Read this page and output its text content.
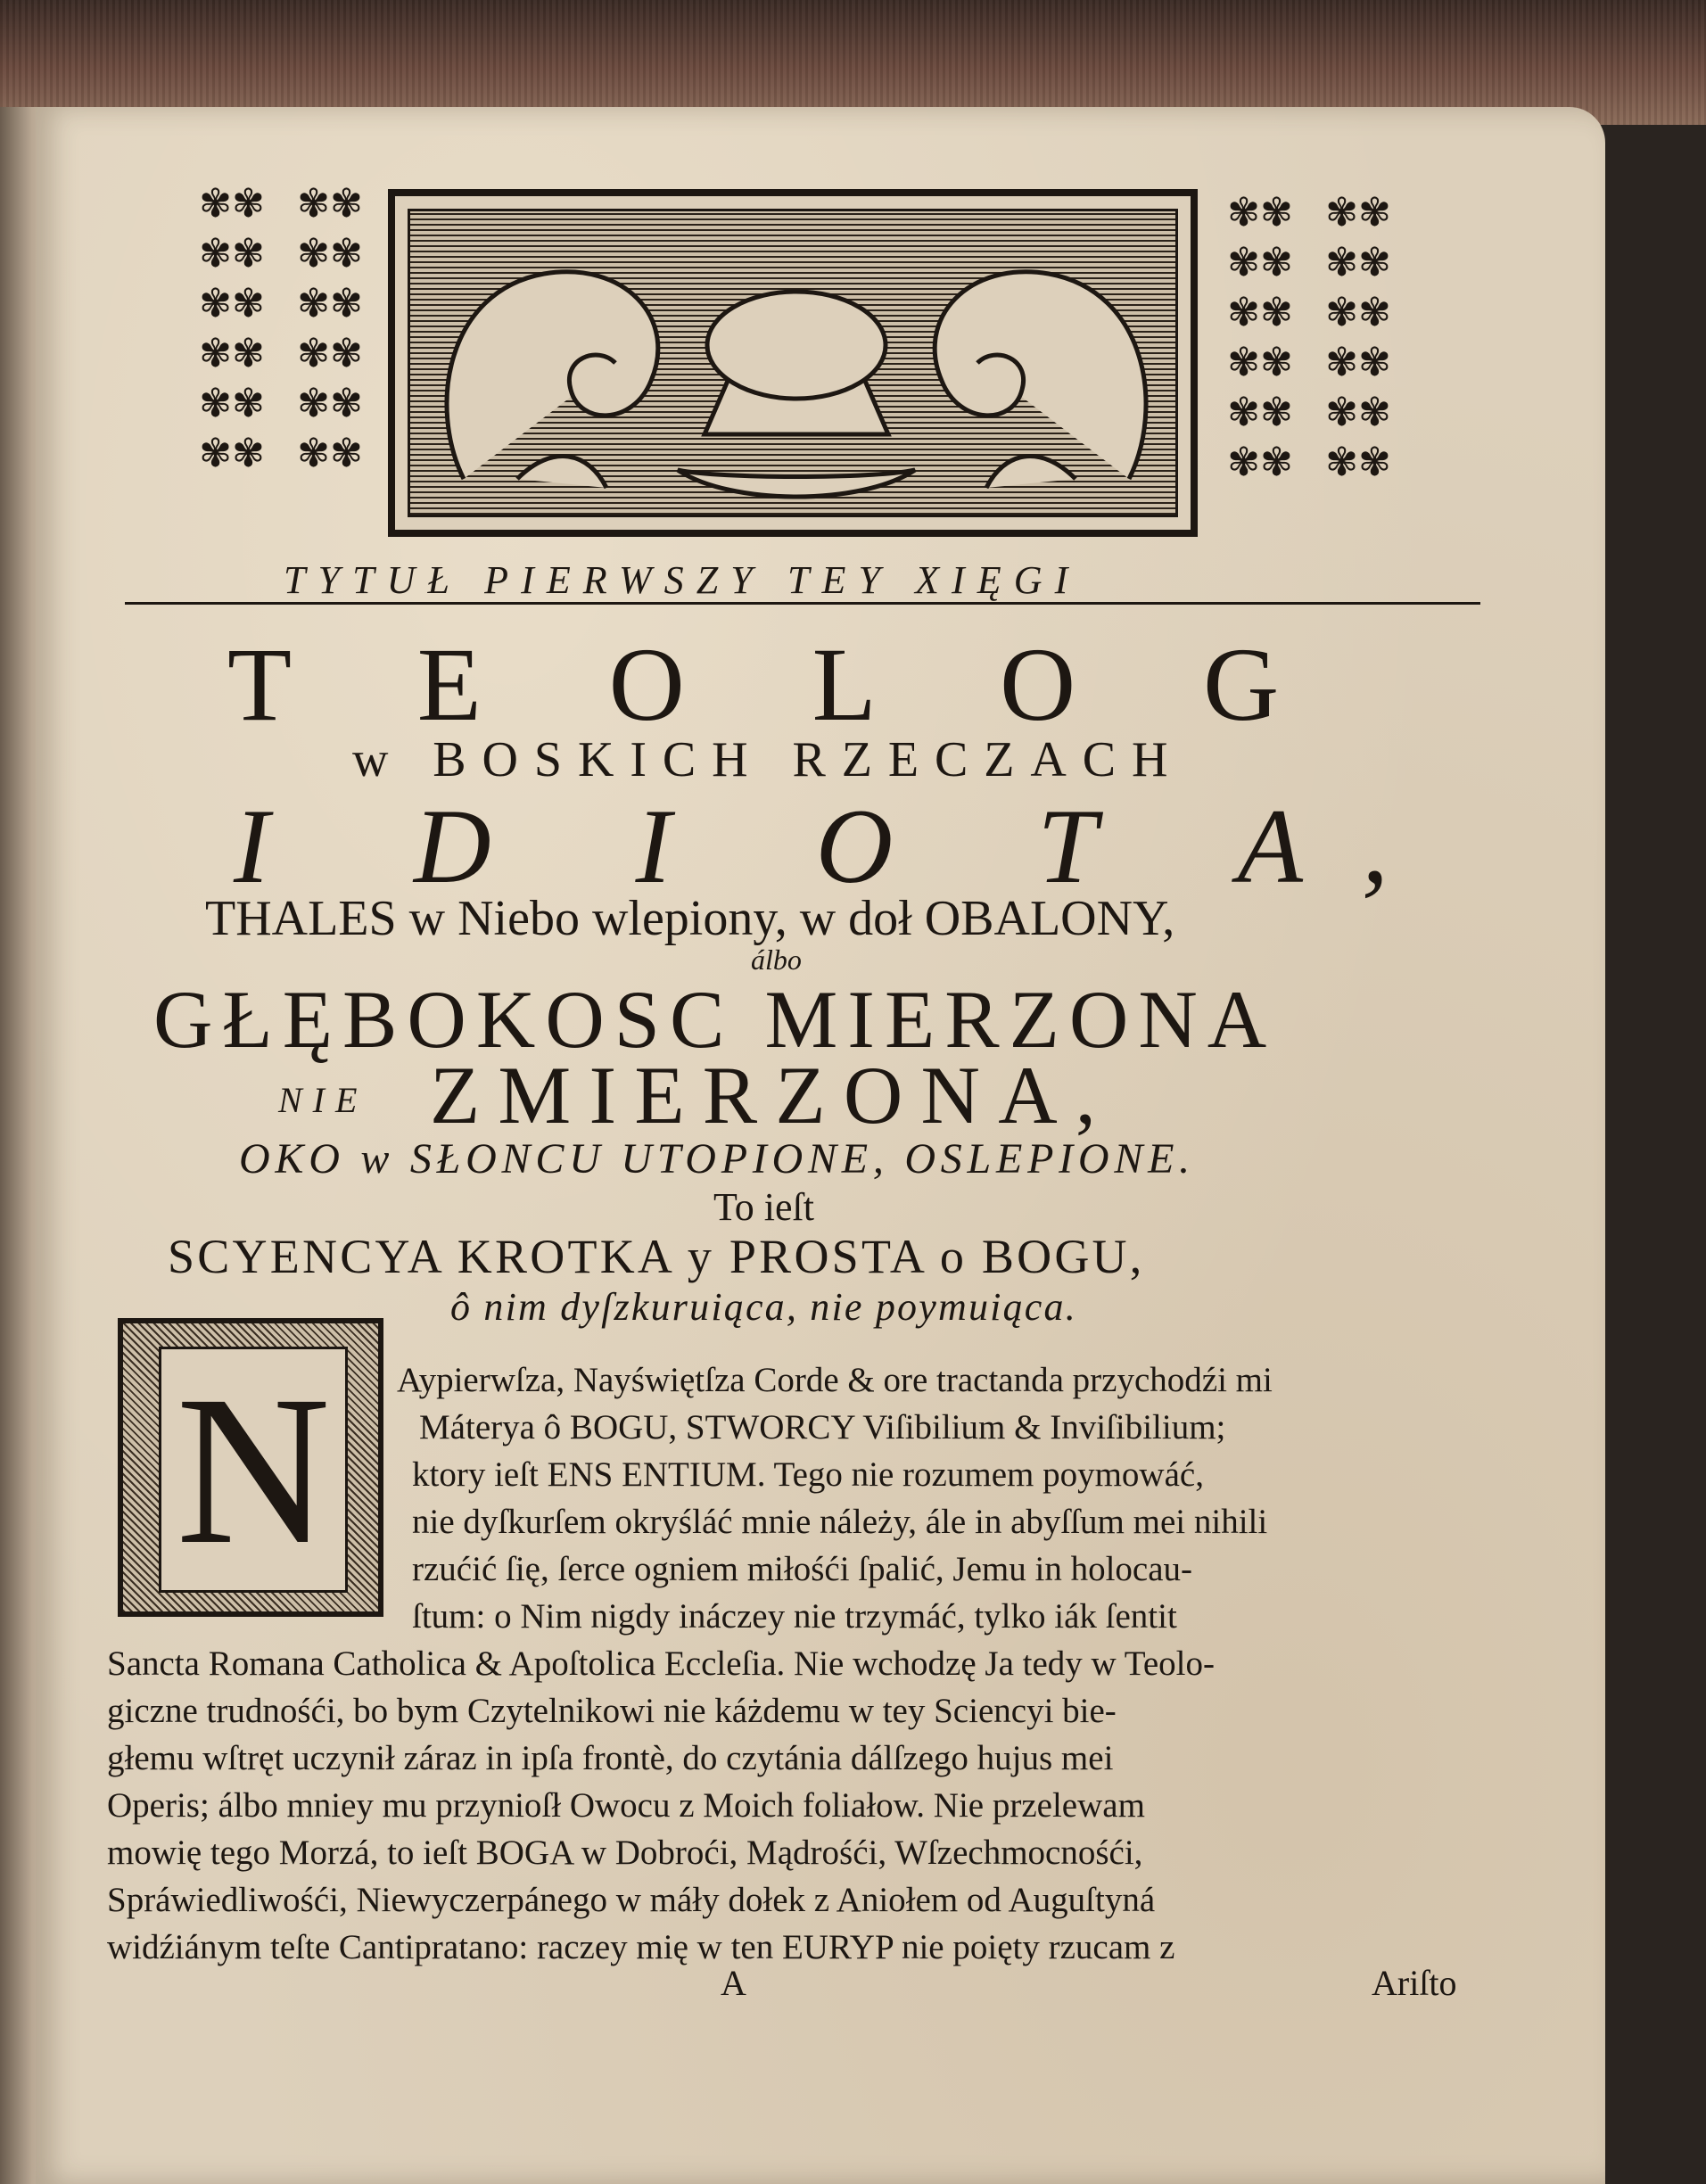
✾✾ ✾✾
✾✾ ✾✾
✾✾ ✾✾
✾✾ ✾✾
✾✾ ✾✾
✾✾ ✾✾
✾✾ ✾✾
✾✾ ✾✾
✾✾ ✾✾
✾✾ ✾✾
✾✾ ✾✾
✾✾ ✾✾
TYTUŁ PIERWSZY TEY XIĘGI
T E O L O G
w BOSKICH RZECZACH
I D I O T A,
THALES w Niebo wlepiony, w doł OBALONY,
álbo
GŁĘBOKOSC MIERZONA
NIE ZMIERZONA,
OKO w SŁONCU UTOPIONE, OSLEPIONE.
To ieſt
SCYENCYA KROTKA y PROSTA o BOGU,
ô nim dyſzkuruiąca, nie poymuiąca.
N	Aypierwſza, Nayświętſza Corde & ore tractanda przychodźi mi
Máterya ô BOGU, STWORCY Viſibilium & Inviſibilium;
ktory ieſt ENS ENTIUM. Tego nie rozumem poymowáć,
nie dyſkurſem okryśláć mnie náleży, ále in abyſſum mei nihili
rzućić ſię, ſerce ogniem miłośći ſpalić, Jemu in holocau-
ſtum: o Nim nigdy ináczey nie trzymáć, tylko iák ſentit
Sancta Romana Catholica & Apoſtolica Eccleſia. Nie wchodzę Ja tedy w Teolo-
giczne trudnośći, bo bym Czytelnikowi nie káżdemu w tey Sciencyi bie-
głemu wſtręt uczynił záraz in ipſa frontè, do czytánia dálſzego hujus mei
Operis; álbo mniey mu przynioſł Owocu z Moich foliałow. Nie przelewam
mowię tego Morzá, to ieſt BOGA w Dobroći, Mądrośći, Wſzechmocnośći,
Spráwiedliwośći, Niewyczerpánego w máły dołek z Aniołem od Auguſtyná
widźiánym teſte Cantipratano: raczey mię w ten EURYP nie poięty rzucam z
A	Ariſto
